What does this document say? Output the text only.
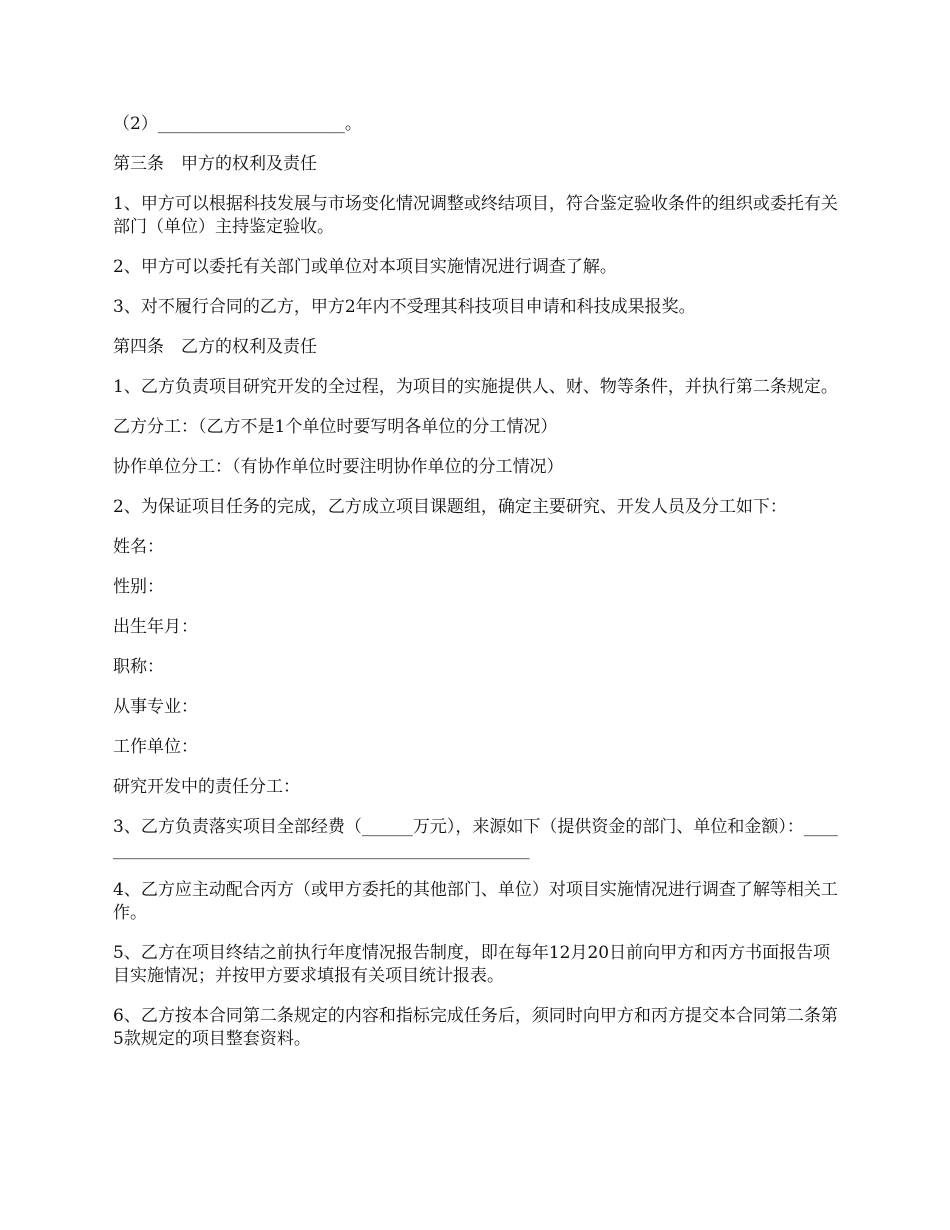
（2）______________________。

第三条　甲方的权利及责任

1、甲方可以根据科技发展与市场变化情况调整或终结项目，符合鉴定验收条件的组织或委托有关部门（单位）主持鉴定验收。

2、甲方可以委托有关部门或单位对本项目实施情况进行调查了解。

3、对不履行合同的乙方，甲方2年内不受理其科技项目申请和科技成果报奖。

第四条　乙方的权利及责任

1、乙方负责项目研究开发的全过程，为项目的实施提供人、财、物等条件，并执行第二条规定。

乙方分工：（乙方不是1个单位时要写明各单位的分工情况）

协作单位分工：（有协作单位时要注明协作单位的分工情况）

2、为保证项目任务的完成，乙方成立项目课题组，确定主要研究、开发人员及分工如下：

姓名：

性别：

出生年月：

职称：

从事专业：

工作单位：

研究开发中的责任分工：

3、乙方负责落实项目全部经费（______万元），来源如下（提供资金的部门、单位和金额）：_____________________________________________________

4、乙方应主动配合丙方（或甲方委托的其他部门、单位）对项目实施情况进行调查了解等相关工作。

5、乙方在项目终结之前执行年度情况报告制度，即在每年12月20日前向甲方和丙方书面报告项目实施情况；并按甲方要求填报有关项目统计报表。

6、乙方按本合同第二条规定的内容和指标完成任务后，须同时向甲方和丙方提交本合同第二条第5款规定的项目整套资料。
